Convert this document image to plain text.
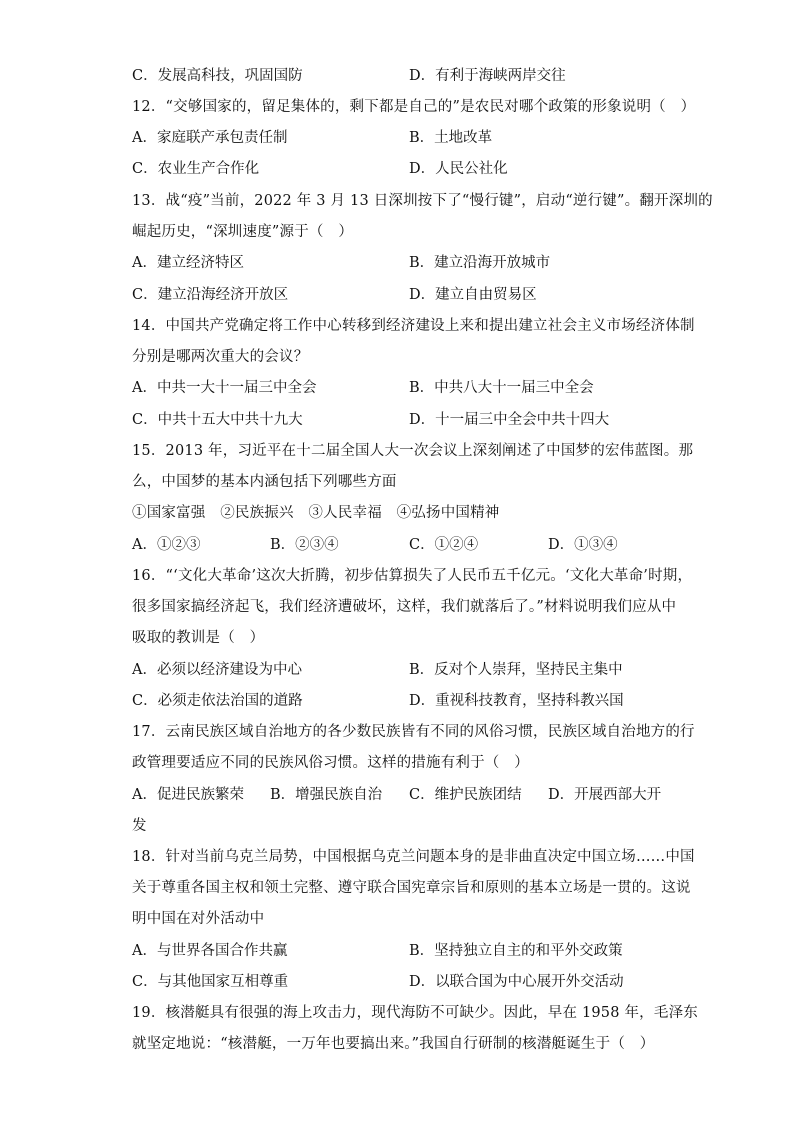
C．发展高科技，巩固国防	D．有利于海峡两岸交往
12．“交够国家的，留足集体的，剩下都是自己的”是农民对哪个政策的形象说明（　）
A．家庭联产承包责任制	B．土地改革
C．农业生产合作化	D．人民公社化
13．战“疫”当前，2022 年 3 月 13 日深圳按下了“慢行键”，启动“逆行键”。翻开深圳的
崛起历史，“深圳速度”源于（　）
A．建立经济特区	B．建立沿海开放城市
C．建立沿海经济开放区	D．建立自由贸易区
14．中国共产党确定将工作中心转移到经济建设上来和提出建立社会主义市场经济体制
分别是哪两次重大的会议？
A．中共一大十一届三中全会	B．中共八大十一届三中全会
C．中共十五大中共十九大	D．十一届三中全会中共十四大
15．2013 年，习近平在十二届全国人大一次会议上深刻阐述了中国梦的宏伟蓝图。那
么，中国梦的基本内涵包括下列哪些方面
①国家富强　②民族振兴　③人民幸福　④弘扬中国精神
A．①②③	B．②③④	C．①②④	D．①③④
16．“‘文化大革命’这次大折腾，初步估算损失了人民币五千亿元。‘文化大革命’时期，
很多国家搞经济起飞，我们经济遭破坏，这样，我们就落后了。”材料说明我们应从中
吸取的教训是（　）
A．必须以经济建设为中心	B．反对个人崇拜，坚持民主集中
C．必须走依法治国的道路	D．重视科技教育，坚持科教兴国
17．云南民族区域自治地方的各少数民族皆有不同的风俗习惯，民族区域自治地方的行
政管理要适应不同的民族风俗习惯。这样的措施有利于（　）
A．促进民族繁荣 B．增强民族自治 C．维护民族团结 D．开展西部大开
发
18．针对当前乌克兰局势，中国根据乌克兰问题本身的是非曲直决定中国立场……中国
关于尊重各国主权和领土完整、遵守联合国宪章宗旨和原则的基本立场是一贯的。这说
明中国在对外活动中
A．与世界各国合作共赢	B．坚持独立自主的和平外交政策
C．与其他国家互相尊重	D．以联合国为中心展开外交活动
19．核潜艇具有很强的海上攻击力，现代海防不可缺少。因此，早在 1958 年，毛泽东
就坚定地说：“核潜艇，一万年也要搞出来。”我国自行研制的核潜艇诞生于（　）
